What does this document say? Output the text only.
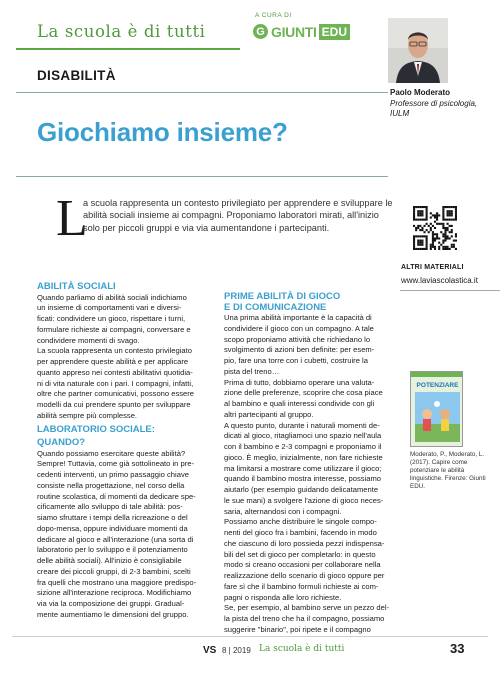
La scuola è di tutti
A CURA DI
G GIUNTI EDU
Paolo Moderato
Professore di psicologia, IULM
DISABILITÀ
Giochiamo insieme?
L
a scuola rappresenta un contesto privilegiato per apprendere e sviluppare le
abilità sociali insieme ai compagni. Proponiamo laboratori mirati, all'inizio
solo per piccoli gruppi e via via aumentandone i partecipanti.
ALTRI MATERIALI
www.laviascolastica.it
POTENZIARE
Moderato, P., Moderato, L. (2017). Capire come potenziare le abilità linguistiche. Firenze: Giunti EDU.
ABILITÀ SOCIALI
Quando parliamo di abilità sociali indichiamo
un insieme di comportamenti vari e diversi-
ficati: condividere un gioco, rispettare i turni,
formulare richieste ai compagni, conversare e
condividere momenti di svago.
La scuola rappresenta un contesto privilegiato
per apprendere queste abilità e per applicare
quanto appreso nei contesti abilitativi quotidia-
ni di vita naturale con i pari. I compagni, infatti,
oltre che partner comunicativi, possono essere
modelli da cui prendere spunto per sviluppare
abilità sempre più complesse.
LABORATORIO SOCIALE:
QUANDO?
Quando possiamo esercitare queste abilità?
Sempre! Tuttavia, come già sottolineato in pre-
cedenti interventi, un primo passaggio chiave
consiste nella progettazione, nel corso della
routine scolastica, di momenti da dedicare spe-
cificamente allo sviluppo di tale abilità: pos-
siamo sfruttare i tempi della ricreazione o del
dopo-mensa, oppure individuare momenti da
dedicare al gioco e all'interazione (una sorta di
laboratorio per lo sviluppo e il potenziamento
delle abilità sociali). All'inizio è consigliabile
creare dei piccoli gruppi, di 2-3 bambini, scelti
fra quelli che mostrano una maggiore predispo-
sizione all'interazione reciproca. Modifichiamo
via via la composizione dei gruppi. Gradual-
mente aumentiamo le dimensioni del gruppo.
PRIME ABILITÀ DI GIOCO
E DI COMUNICAZIONE
Una prima abilità importante è la capacità di
condividere il gioco con un compagno. A tale
scopo proponiamo attività che richiedano lo
svolgimento di azioni ben definite: per esem-
pio, fare una torre con i cubetti, costruire la
pista del treno…
Prima di tutto, dobbiamo operare una valuta-
zione delle preferenze, scoprire che cosa piace
al bambino e quali interessi condivide con gli
altri partecipanti al gruppo.
A questo punto, durante i naturali momenti de-
dicati al gioco, ritagliamoci uno spazio nell'aula
con il bambino e 2-3 compagni e proponiamo il
gioco. È meglio, inizialmente, non fare richieste
ma limitarsi a mostrare come utilizzare il gioco;
quando il bambino mostra interesse, possiamo
aiutarlo (per esempio guidando delicatamente
le sue mani) a svolgere l'azione di gioco neces-
saria, alternandosi con i compagni.
Possiamo anche distribuire le singole compo-
nenti del gioco fra i bambini, facendo in modo
che ciascuno di loro possieda pezzi indispensa-
bili del set di gioco per completarlo: in questo
modo si creano occasioni per collaborare nella
realizzazione dello scenario di gioco oppure per
fare sì che il bambino formuli richieste ai com-
pagni o risponda alle loro richieste.
Se, per esempio, al bambino serve un pezzo del-
la pista del treno che ha il compagno, possiamo
suggerire "binario", poi ripete e il compagno
VS 8 | 2019 La scuola è di tutti	33
